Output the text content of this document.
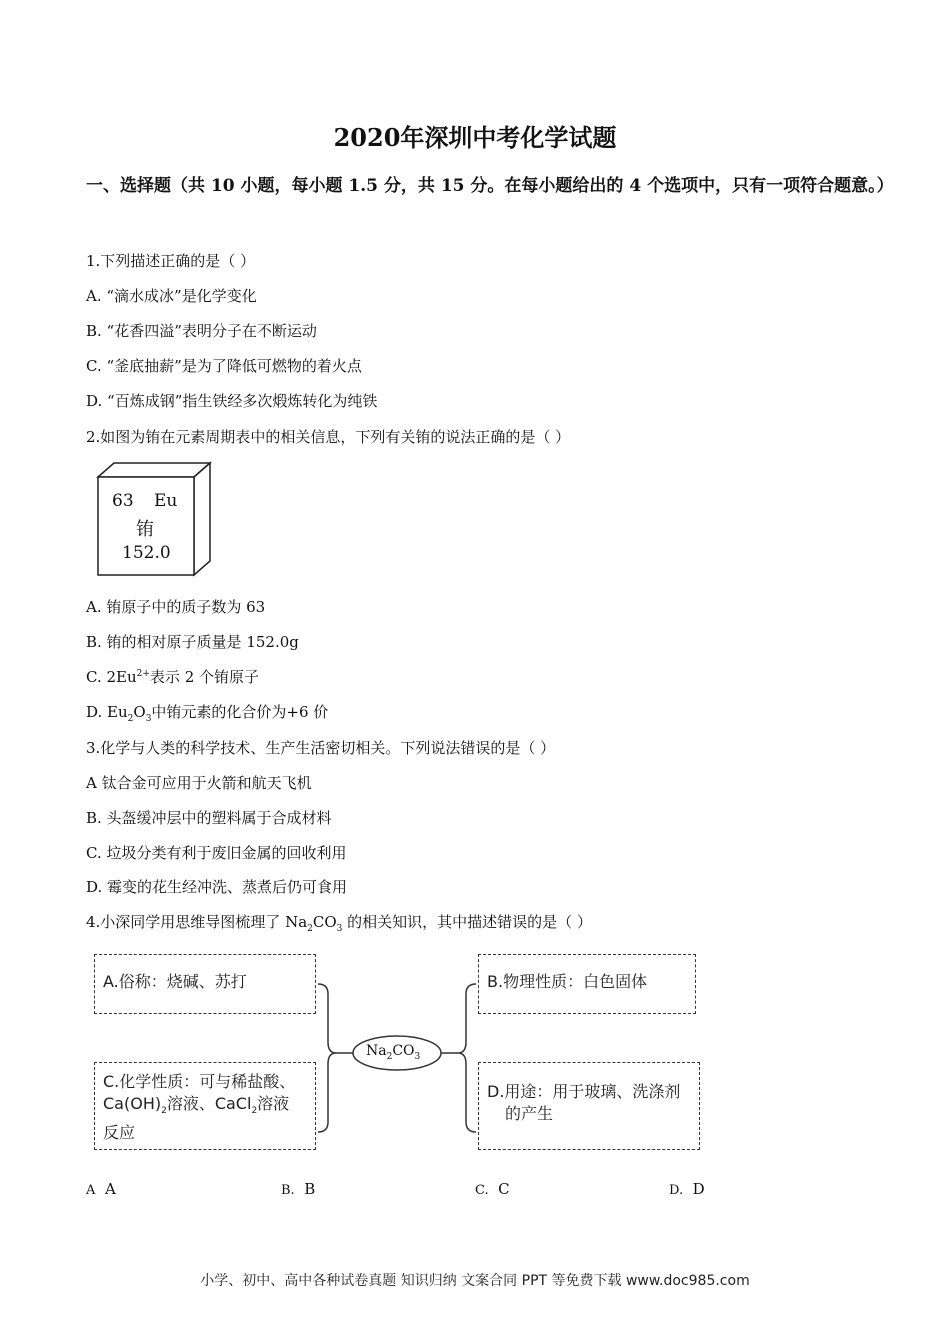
2020年深圳中考化学试题
一、选择题（共 10 小题，每小题 1.5 分，共 15 分。在每小题给出的 4 个选项中，只有一项符合题意。）
1.下列描述正确的是（ ）
A. “滴水成冰”是化学变化
B. “花香四溢”表明分子在不断运动
C. “釜底抽薪”是为了降低可燃物的着火点
D. “百炼成钢”指生铁经多次煅炼转化为纯铁
2.如图为铕在元素周期表中的相关信息，下列有关铕的说法正确的是（ ）
63 Eu
铕
152.0
A. 铕原子中的质子数为 63
B. 铕的相对原子质量是 152.0g
C. $2Eu^{2+}$表示 2 个铕原子
D. $Eu_2O_3$中铕元素的化合价为+6 价
3.化学与人类的科学技术、生产生活密切相关。下列说法错误的是（ ）
A 钛合金可应用于火箭和航天飞机
B. 头盔缓冲层中的塑料属于合成材料
C. 垃圾分类有利于废旧金属的回收利用
D. 霉变的花生经冲洗、蒸煮后仍可食用
4.小深同学用思维导图梳理了 $Na_2CO_3$ 的相关知识，其中描述错误的是（ ）
$Na_2CO_3$
A.俗称：烧碱、苏打	B.物理性质：白色固体
C.化学性质：可与稀盐酸、
$Ca(OH)_2$溶液、CaCl$_2$溶液
反应
D.用途：用于玻璃、洗涤剂
的产生
A A	B. B	C. C	D. D
小学、初中、高中各种试卷真题 知识归纳 文案合同 PPT 等免费下载 www.doc985.com
